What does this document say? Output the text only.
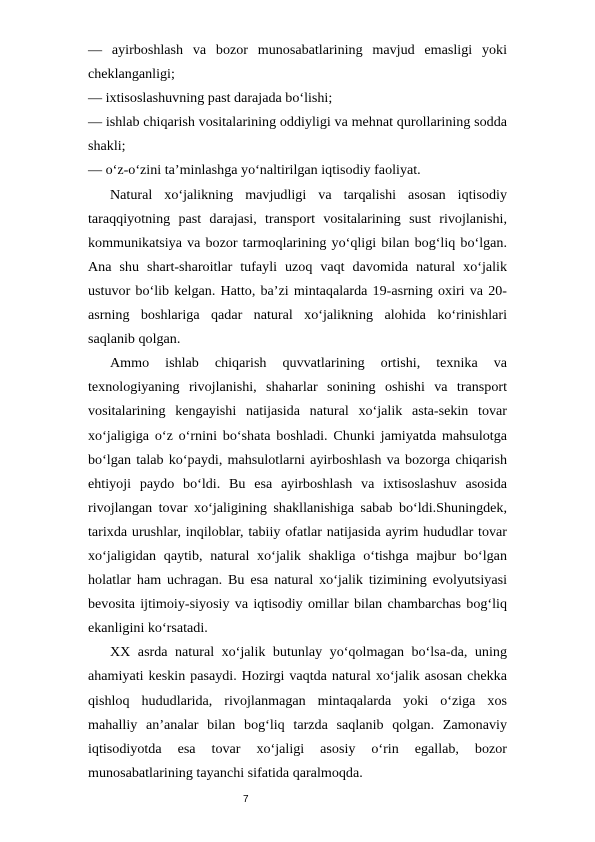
— ayirboshlash va bozor munosabatlarining mavjud emasligi yoki cheklanganligi;

— ixtisoslashuvning past darajada bo‘lishi;

— ishlab chiqarish vositalarining oddiyligi va mehnat qurollarining sodda shakli;

— o‘z-o‘zini ta’minlashga yo‘naltirilgan iqtisodiy faoliyat.

Natural xo‘jalikning mavjudligi va tarqalishi asosan iqtisodiy taraqqiyotning past darajasi, transport vositalarining sust rivojlanishi, kommunikatsiya va bozor tarmoqlarining yo‘qligi bilan bog‘liq bo‘lgan. Ana shu shart-sharoitlar tufayli uzoq vaqt davomida natural xo‘jalik ustuvor bo‘lib kelgan. Hatto, ba’zi mintaqalarda 19-asrning oxiri va 20-asrning boshlariga qadar natural xo‘jalikning alohida ko‘rinishlari saqlanib qolgan.

Ammo ishlab chiqarish quvvatlarining ortishi, texnika va texnologiyaning rivojlanishi, shaharlar sonining oshishi va transport vositalarining kengayishi natijasida natural xo‘jalik asta-sekin tovar xo‘jaligiga o‘z o‘rnini bo‘shata boshladi. Chunki jamiyatda mahsulotga bo‘lgan talab ko‘paydi, mahsulotlarni ayirboshlash va bozorga chiqarish ehtiyoji paydo bo‘ldi. Bu esa ayirboshlash va ixtisoslashuv asosida rivojlangan tovar xo‘jaligining shakllanishiga sabab bo‘ldi.Shuningdek, tarixda urushlar, inqiloblar, tabiiy ofatlar natijasida ayrim hududlar tovar xo‘jaligidan qaytib, natural xo‘jalik shakliga o‘tishga majbur bo‘lgan holatlar ham uchragan. Bu esa natural xo‘jalik tizimining evolyutsiyasi bevosita ijtimoiy-siyosiy va iqtisodiy omillar bilan chambarchas bog‘liq ekanligini ko‘rsatadi.

XX asrda natural xo‘jalik butunlay yo‘qolmagan bo‘lsa-da, uning ahamiyati keskin pasaydi. Hozirgi vaqtda natural xo‘jalik asosan chekka qishloq hududlarida, rivojlanmagan mintaqalarda yoki o‘ziga xos mahalliy an’analar bilan bog‘liq tarzda saqlanib qolgan. Zamonaviy iqtisodiyotda esa tovar xo‘jaligi asosiy o‘rin egallab, bozor munosabatlarining tayanchi sifatida qaralmoqda.

7
